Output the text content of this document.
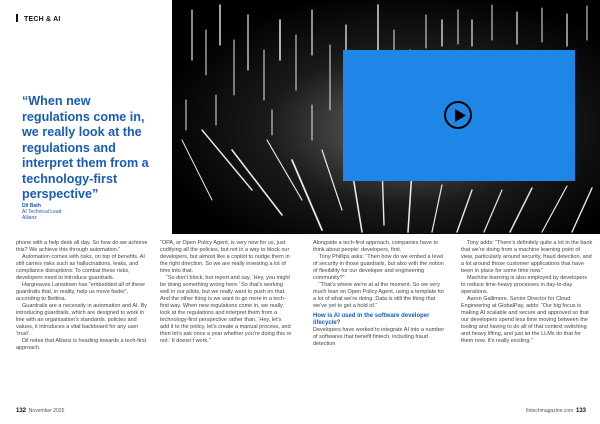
TECH & AI
“When new regulations come in, we really look at the regulations and interpret them from a technology-first perspective”
Dil Bath
AI Technical Lead
Allianz

phone with a help desk all day. So how do we achieve this? We achieve this through automation.”

Automation comes with risks, on top of benefits. AI still carries risks such as hallucinations, leaks, and compliance disruptions. To combat these risks, developers need to introduce guardrails.

Hargreaves Lansdown has “embedded all of these guardrails that, in reality, help us move faster”, according to Bettina.

Guardrails are a necessity in automation and AI. By introducing guardrails, which are designed to work in line with an organisation’s standards, policies and values, it introduces a vital backboard for any user ‘trust’.

Dil notes that Allianz is heading towards a tech-first approach.

“OPA, or Open Policy Agent, is very new for us, just codifying all the policies, but not in a way to block our developers, but almost like a copilot to nudge them in the right direction. So we are really investing a lot of time into that.

“So don’t block, but report and say, ‘Hey, you might be doing something wrong here.’ So that’s working well in our pilots, but we really want to push on that. And the other thing is we want to go more in a tech-first way. When new regulations come in, we really look at the regulations and interpret them from a technology-first perspective rather than, ‘Hey, let’s add it to the policy, let’s create a manual process, and then let’s ask once a year whether you’re doing this or not.’ It doesn’t work.”

Alongside a tech-first approach, companies have to think about people: developers, first.

Tony Phillips asks: “Then how do we embed a level of security in those guardrails, but also with the notion of flexibility for our developer and engineering community?”

“That’s where we’re at at the moment. So we very much lean on Open Policy Agent, using a template for a lot of what we’re doing. Data is still the thing that we’ve yet to get a hold of.”

How is AI used in the software developer lifecycle?

Developers have worked to integrate AI into a number of softwares that benefit fintech, including fraud detection

Tony adds: “There’s definitely quite a lot in the bank that we’re doing from a machine learning point of view, particularly around security, fraud detection, and a lot around those customer applications that have been in place for some time now.”

Machine learning is also employed by developers to reduce time-heavy processes in day-to-day operations.

Aaron Gallimore, Senior Director for Cloud Engineering at GlobalPay, adds: “Our big focus is making AI scalable and secure and approved so that our developers spend less time moving between the tooling and having to do all of that context switching and heavy lifting, and just let the LLMs do that for them now. It’s really exciting.”

132 November 2025	fintechmagazine.com 133
